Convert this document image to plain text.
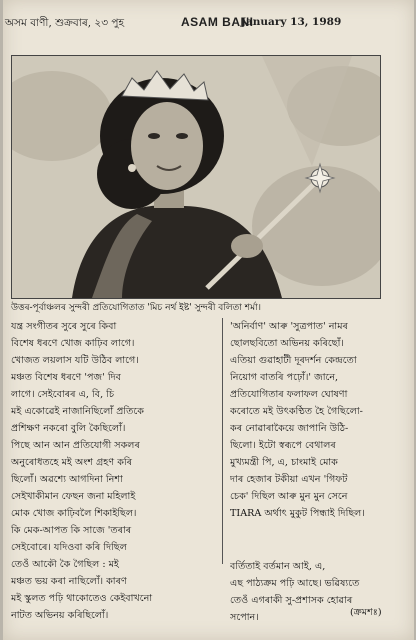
অসম বাণী, শুক্ৰবাৰ, ২৩ পুহ	ASAM BANI
January 13, 1989
উত্তৰ-পূৰ্বাঞ্চলৰ সুন্দৰী প্ৰতিযোগিতাত 'মিচ নৰ্থ ইষ্ট' সুন্দৰী বলিতা শৰ্মা।
যন্ত্ৰ সংগীতৰ সুৰে সুৰে কিবা
বিশেষ ধৰণে খোজ কাঢ়িব লাগে।
খোজত লয়লাস যটি উঠিব লাগে।
মঞ্চত বিশেষ ধৰণে 'পজ' দিব
লাগে। সেইবোৰৰ এ, বি, চি
মই একোৱেই নাজানিছিলোঁ প্ৰতিকে
প্ৰশিক্ষণ নকৰো বুলি কৈছিলোঁ।
পিছে আন আন প্ৰতিযোগী সকলৰ
অনুৰোধতহে মই অংশ গ্ৰহণ কৰি
ছিলোঁ। অৱশ্যে আগদিনা নিশা
সেইখাকীমান ফেছন জনা মহিলাই
মোক খোজ কাঢ়িবলৈ শিকাইছিল।
কি মেক-আপত কি সাজে 'তৰাৰ
সেইবোৰে। যদিওবা কৰি দিছিল
তেওঁ আকৌ কৈ গৈছিল : মই
মঞ্চত ভয় কৰা নাছিলোঁ। কাৰণ
মই স্কুলত পঢ়ি থাকোতেও কেইবাখনো
নাটত অভিনয় কৰিছিলোঁ।
'অনিৰ্বাণ' আৰু 'সুত্ৰপাত' নামৰ
ছোলছবিতো অভিনয় কৰিছোঁ।
এতিয়া গুৱাহাটী দূৰদৰ্শন কেন্দ্ৰতো
নিয়োগ বাতৰি পঢ়োঁ।' জানে,
প্ৰতিযোগিতাৰ ফলাফল ঘোষণা
কৰোতে মই উৎকণ্ঠিত হৈ গৈছিলো-
কৰ নোৱাৰাকৈয়ে জাপানি উঠি-
ছিলো। ইটো স্বৰূপে বেথালৰ
মুখ্যমন্ত্ৰী পি, এ, চাংমাই মোক
দাৰ হেজাৰ টকীয়া এখন 'গিফট
চেক' দিছিল আৰু মুন মুন সেনে
TIARA অৰ্থাৎ মুকুট পিন্ধাই দিছিল।
বৰ্তিতাই বৰ্তমান আই, এ,
এছ পাঠ্যক্ৰম পঢ়ি আছে। ভৱিষ্যতে
তেওঁ এগৰাকী সু-প্ৰশাসক হোৱাৰ
সপোন।	(ক্ৰমশঃ)
